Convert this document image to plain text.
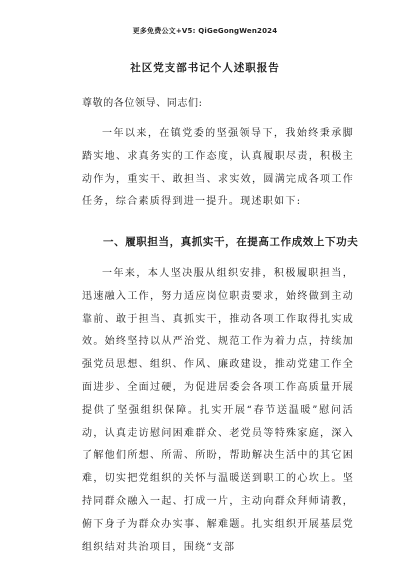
更多免费公文+V5: QiGeGongWen2024
社区党支部书记个人述职报告
尊敬的各位领导、同志们:

一年以来，在镇党委的坚强领导下，我始终秉承脚踏实地、求真务实的工作态度，认真履职尽责，积极主动作为，重实干、敢担当、求实效，圆满完成各项工作任务，综合素质得到进一提升。现述职如下:

一、履职担当，真抓实干，在提高工作成效上下功夫

一年来，本人坚决服从组织安排，积极履职担当，迅速融入工作，努力适应岗位职责要求，始终做到主动靠前、敢于担当、真抓实干，推动各项工作取得扎实成效。始终坚持以从严治党、规范工作为着力点，持续加强党员思想、组织、作风、廉政建设，推动党建工作全面进步、全面过硬，为促进居委会各项工作高质量开展提供了坚强组织保障。扎实开展“春节送温暖”慰问活动，认真走访慰问困难群众、老党员等特殊家庭，深入了解他们所想、所需、所盼，帮助解决生活中的其它困难，切实把党组织的关怀与温暖送到职工的心坎上。坚持同群众融入一起、打成一片，主动向群众拜师请教，俯下身子为群众办实事、解难题。扎实组织开展基层党组织结对共治项目，围绕“支部
